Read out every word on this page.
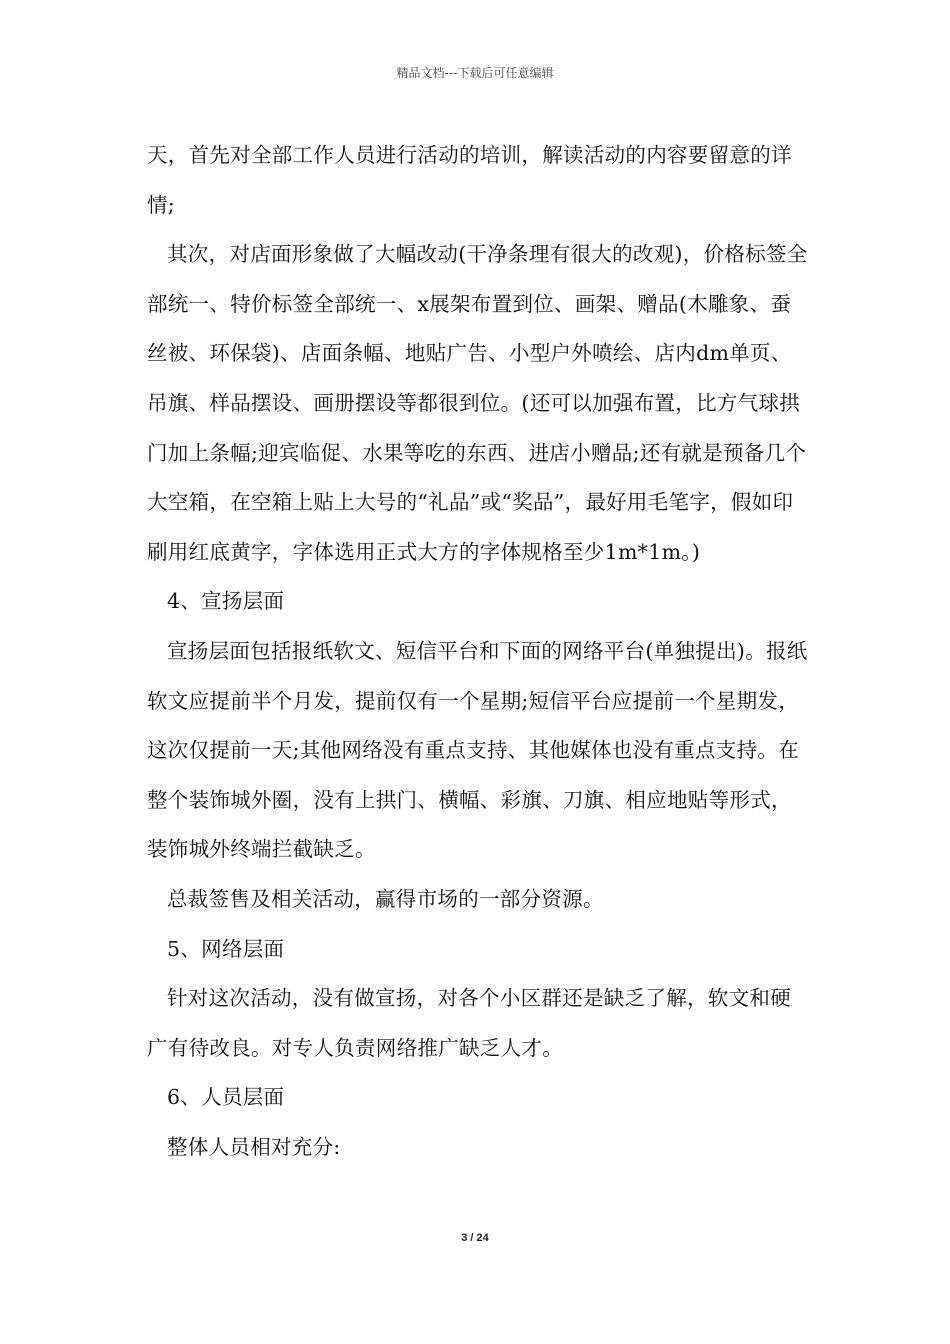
精品文档---下载后可任意编辑

天，首先对全部工作人员进行活动的培训，解读活动的内容要留意的详情;

其次，对店面形象做了大幅改动(干净条理有很大的改观)，价格标签全部统一、特价标签全部统一、x展架布置到位、画架、赠品(木雕象、蚕丝被、环保袋)、店面条幅、地贴广告、小型户外喷绘、店内dm单页、吊旗、样品摆设、画册摆设等都很到位。(还可以加强布置，比方气球拱门加上条幅;迎宾临促、水果等吃的东西、进店小赠品;还有就是预备几个大空箱，在空箱上贴上大号的“礼品”或“奖品”，最好用毛笔字，假如印刷用红底黄字，字体选用正式大方的字体规格至少1m*1m。)

4、宣扬层面

宣扬层面包括报纸软文、短信平台和下面的网络平台(单独提出)。报纸软文应提前半个月发，提前仅有一个星期;短信平台应提前一个星期发，这次仅提前一天;其他网络没有重点支持、其他媒体也没有重点支持。在整个装饰城外圈，没有上拱门、横幅、彩旗、刀旗、相应地贴等形式，装饰城外终端拦截缺乏。

总裁签售及相关活动，赢得市场的一部分资源。

5、网络层面

针对这次活动，没有做宣扬，对各个小区群还是缺乏了解，软文和硬广有待改良。对专人负责网络推广缺乏人才。

6、人员层面

整体人员相对充分:

3 / 24
